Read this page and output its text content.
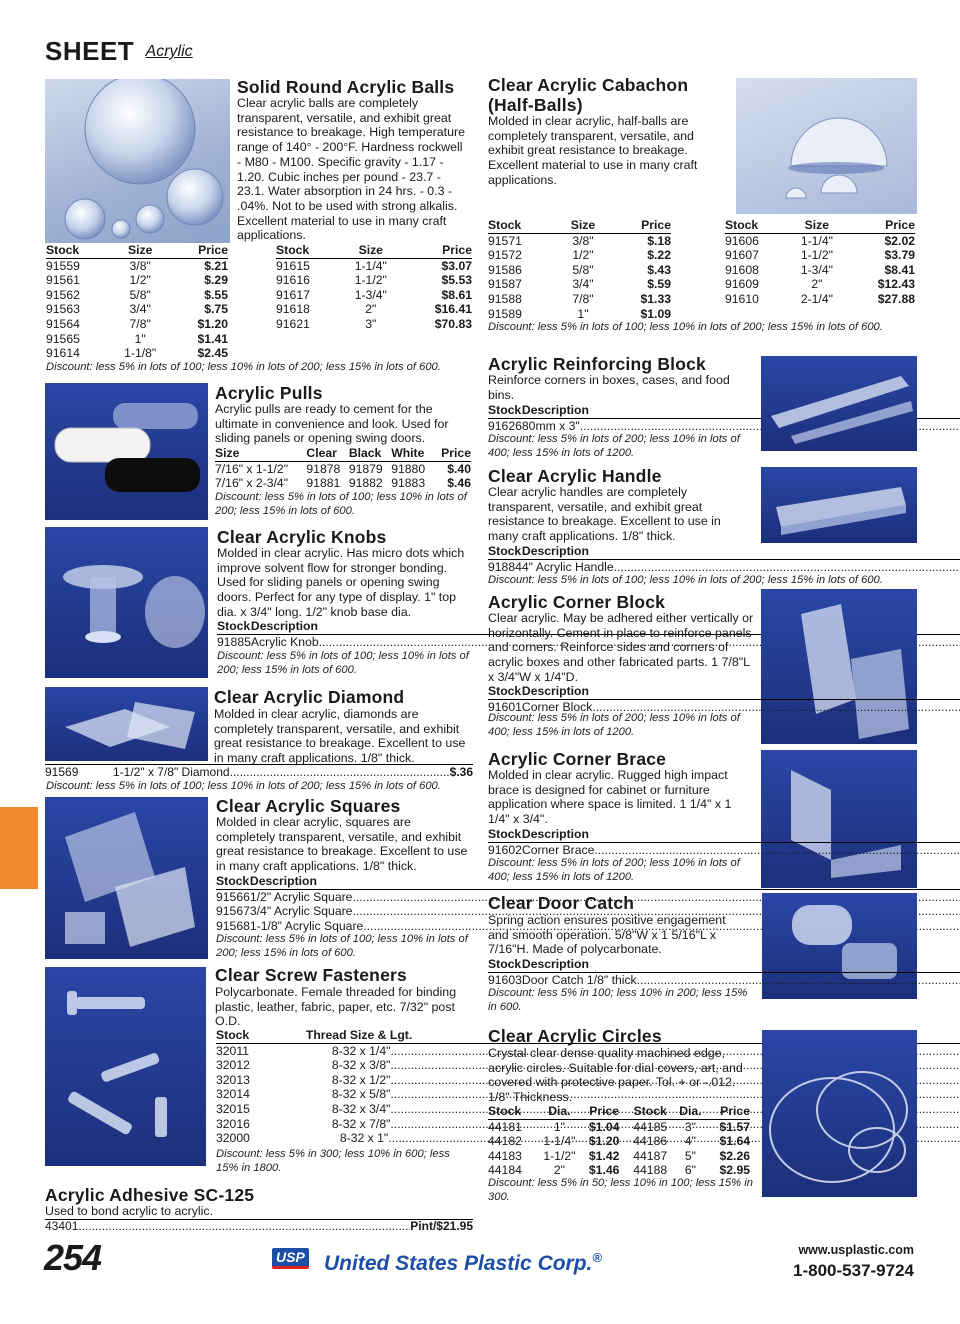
SHEET Acrylic
Solid Round Acrylic Balls
Clear acrylic balls are completely transparent, versatile, and exhibit great resistance to breakage. High temperature range of 140° - 200°F. Hardness rockwell - M80 - M100. Specific gravity - 1.17 - 1.20. Cubic inches per pound - 23.7 - 23.1. Water absorption in 24 hrs. - 0.3 - .04%. Not to be used with strong alkalis. Excellent material to use in many craft applications.
Stock	Size	Price
91559	3/8"	$.21
91561	1/2"	$.29
91562	5/8"	$.55
91563	3/4"	$.75
91564	7/8"	$1.20
91565	1"	$1.41
91614	1-1/8"	$2.45
Stock	Size	Price
91615	1-1/4"	$3.07
91616	1-1/2"	$5.53
91617	1-3/4"	$8.61
91618	2"	$16.41
91621	3"	$70.83
Discount: less 5% in lots of 100; less 10% in lots of 200; less 15% in lots of 600.
Acrylic Pulls
Acrylic pulls are ready to cement for the ultimate in convenience and look. Used for sliding panels or opening swing doors.
Size	Clear	Black	White	Price
7/16" x 1-1/2"	91878	91879	91880	$.40
7/16" x 2-3/4"	91881	91882	91883	$.46
Discount: less 5% in lots of 100; less 10% in lots of 200; less 15% in lots of 600.
Clear Acrylic Knobs
Molded in clear acrylic. Has micro dots which improve solvent flow for stronger bonding. Used for sliding panels or opening swing doors. Perfect for any type of display. 1" top dia. x 3/4" long. 1/2" knob base dia.
Stock	Description	
91885	Acrylic Knob
.....

Discount: less 5% in lots of 100; less 10% in lots of 200; less 15% in lots of 600.
Clear Acrylic Diamond
Molded in clear acrylic, diamonds are completely transparent, versatile, and exhibit great resistance to breakage. Excellent to use in many craft applications. 1/8" thick.
91569	1-1/2" x 7/8" Diamond .....	$.36
Discount: less 5% in lots of 100; less 10% in lots of 200; less 15% in lots of 600.
Clear Acrylic Squares
Molded in clear acrylic, squares are completely transparent, versatile, and exhibit great resistance to breakage. Excellent to use in many craft applications. 1/8" thick.
Stock	Description	
91566	1/2" Acrylic Square
.....

91567	3/4" Acrylic Square
.....

91568	1-1/8" Acrylic Square
.....

Discount: less 5% in lots of 100; less 10% in lots of 200; less 15% in lots of 600.
Clear Screw Fasteners
Polycarbonate. Female threaded for binding plastic, leather, fabric, paper, etc. 7/32" post O.D.
Stock	Thread Size & Lgt.	
32011	8-32 x 1/4"
.....

32012	8-32 x 3/8"
.....

32013	8-32 x 1/2"
.....

32014	8-32 x 5/8"
.....

32015	8-32 x 3/4"
.....

32016	8-32 x 7/8"
.....

32000	8-32 x 1"
.....

Discount: less 5% in 300; less 10% in 600; less 15% in 1800.
Acrylic Adhesive SC-125
Used to bond acrylic to acrylic.
43401 .....	Pint/$21.95
Clear Acrylic Cabachon
(Half-Balls)
Molded in clear acrylic, half-balls are completely transparent, versatile, and exhibit great resistance to breakage. Excellent material to use in many craft applications.
Stock	Size	Price
91571	3/8"	$.18
91572	1/2"	$.22
91586	5/8"	$.43
91587	3/4"	$.59
91588	7/8"	$1.33
91589	1"	$1.09
Stock	Size	Price
91606	1-1/4"	$2.02
91607	1-1/2"	$3.79
91608	1-3/4"	$8.41
91609	2"	$12.43
91610	2-1/4"	$27.88
Discount: less 5% in lots of 100; less 10% in lots of 200; less 15% in lots of 600.
Acrylic Reinforcing Block
Reinforce corners in boxes, cases, and food bins.
Stock	Description	
91626	80mm x 3"
.....

Discount: less 5% in lots of 200; less 10% in lots of 400; less 15% in lots of 1200.
Clear Acrylic Handle
Clear acrylic handles are completely transparent, versatile, and exhibit great resistance to breakage. Excellent to use in many craft applications. 1/8" thick.
Stock	Description	
91884	4" Acrylic Handle
.....

Discount: less 5% in lots of 100; less 10% in lots of 200; less 15% in lots of 600.
Acrylic Corner Block
Clear acrylic. May be adhered either vertically or horizontally. Cement in place to reinforce panels and corners. Reinforce sides and corners of acrylic boxes and other fabricated parts. 1 7/8"L x 3/4"W x 1/4"D.
Stock	Description	
91601	Corner Block
.....

Discount: less 5% in lots of 200; less 10% in lots of 400; less 15% in lots of 1200.
Acrylic Corner Brace
Molded in clear acrylic. Rugged high impact brace is designed for cabinet or furniture application where space is limited. 1 1/4" x 1 1/4" x 3/4".
Stock	Description	
91602	Corner Brace
.....

Discount: less 5% in lots of 200; less 10% in lots of 400; less 15% in lots of 1200.
Clear Door Catch
Spring action ensures positive engagement and smooth operation. 5/8"W x 1 5/16"L x 7/16"H. Made of polycarbonate.
Stock	Description	
91603	Door Catch 1/8" thick
.....

Discount: less 5% in 100; less 10% in 200; less 15% in 600.
Clear Acrylic Circles
Crystal clear dense quality machined edge, acrylic circles. Suitable for dial covers, art, and covered with protective paper. Tol. + or -.012. 1/8" Thickness.
Stock	Dia.	Price	Stock	Dia.	Price
44181	1"	$1.04	44185	3"	$1.57
44182	1-1/4"	$1.20	44186	4"	$1.64
44183	1-1/2"	$1.42	44187	5"	$2.26
44184	2"	$1.46	44188	6"	$2.95
Discount: less 5% in 50; less 10% in 100; less 15% in 300.
254	USP United States Plastic Corp.®	www.usplastic.com
1-800-537-9724
